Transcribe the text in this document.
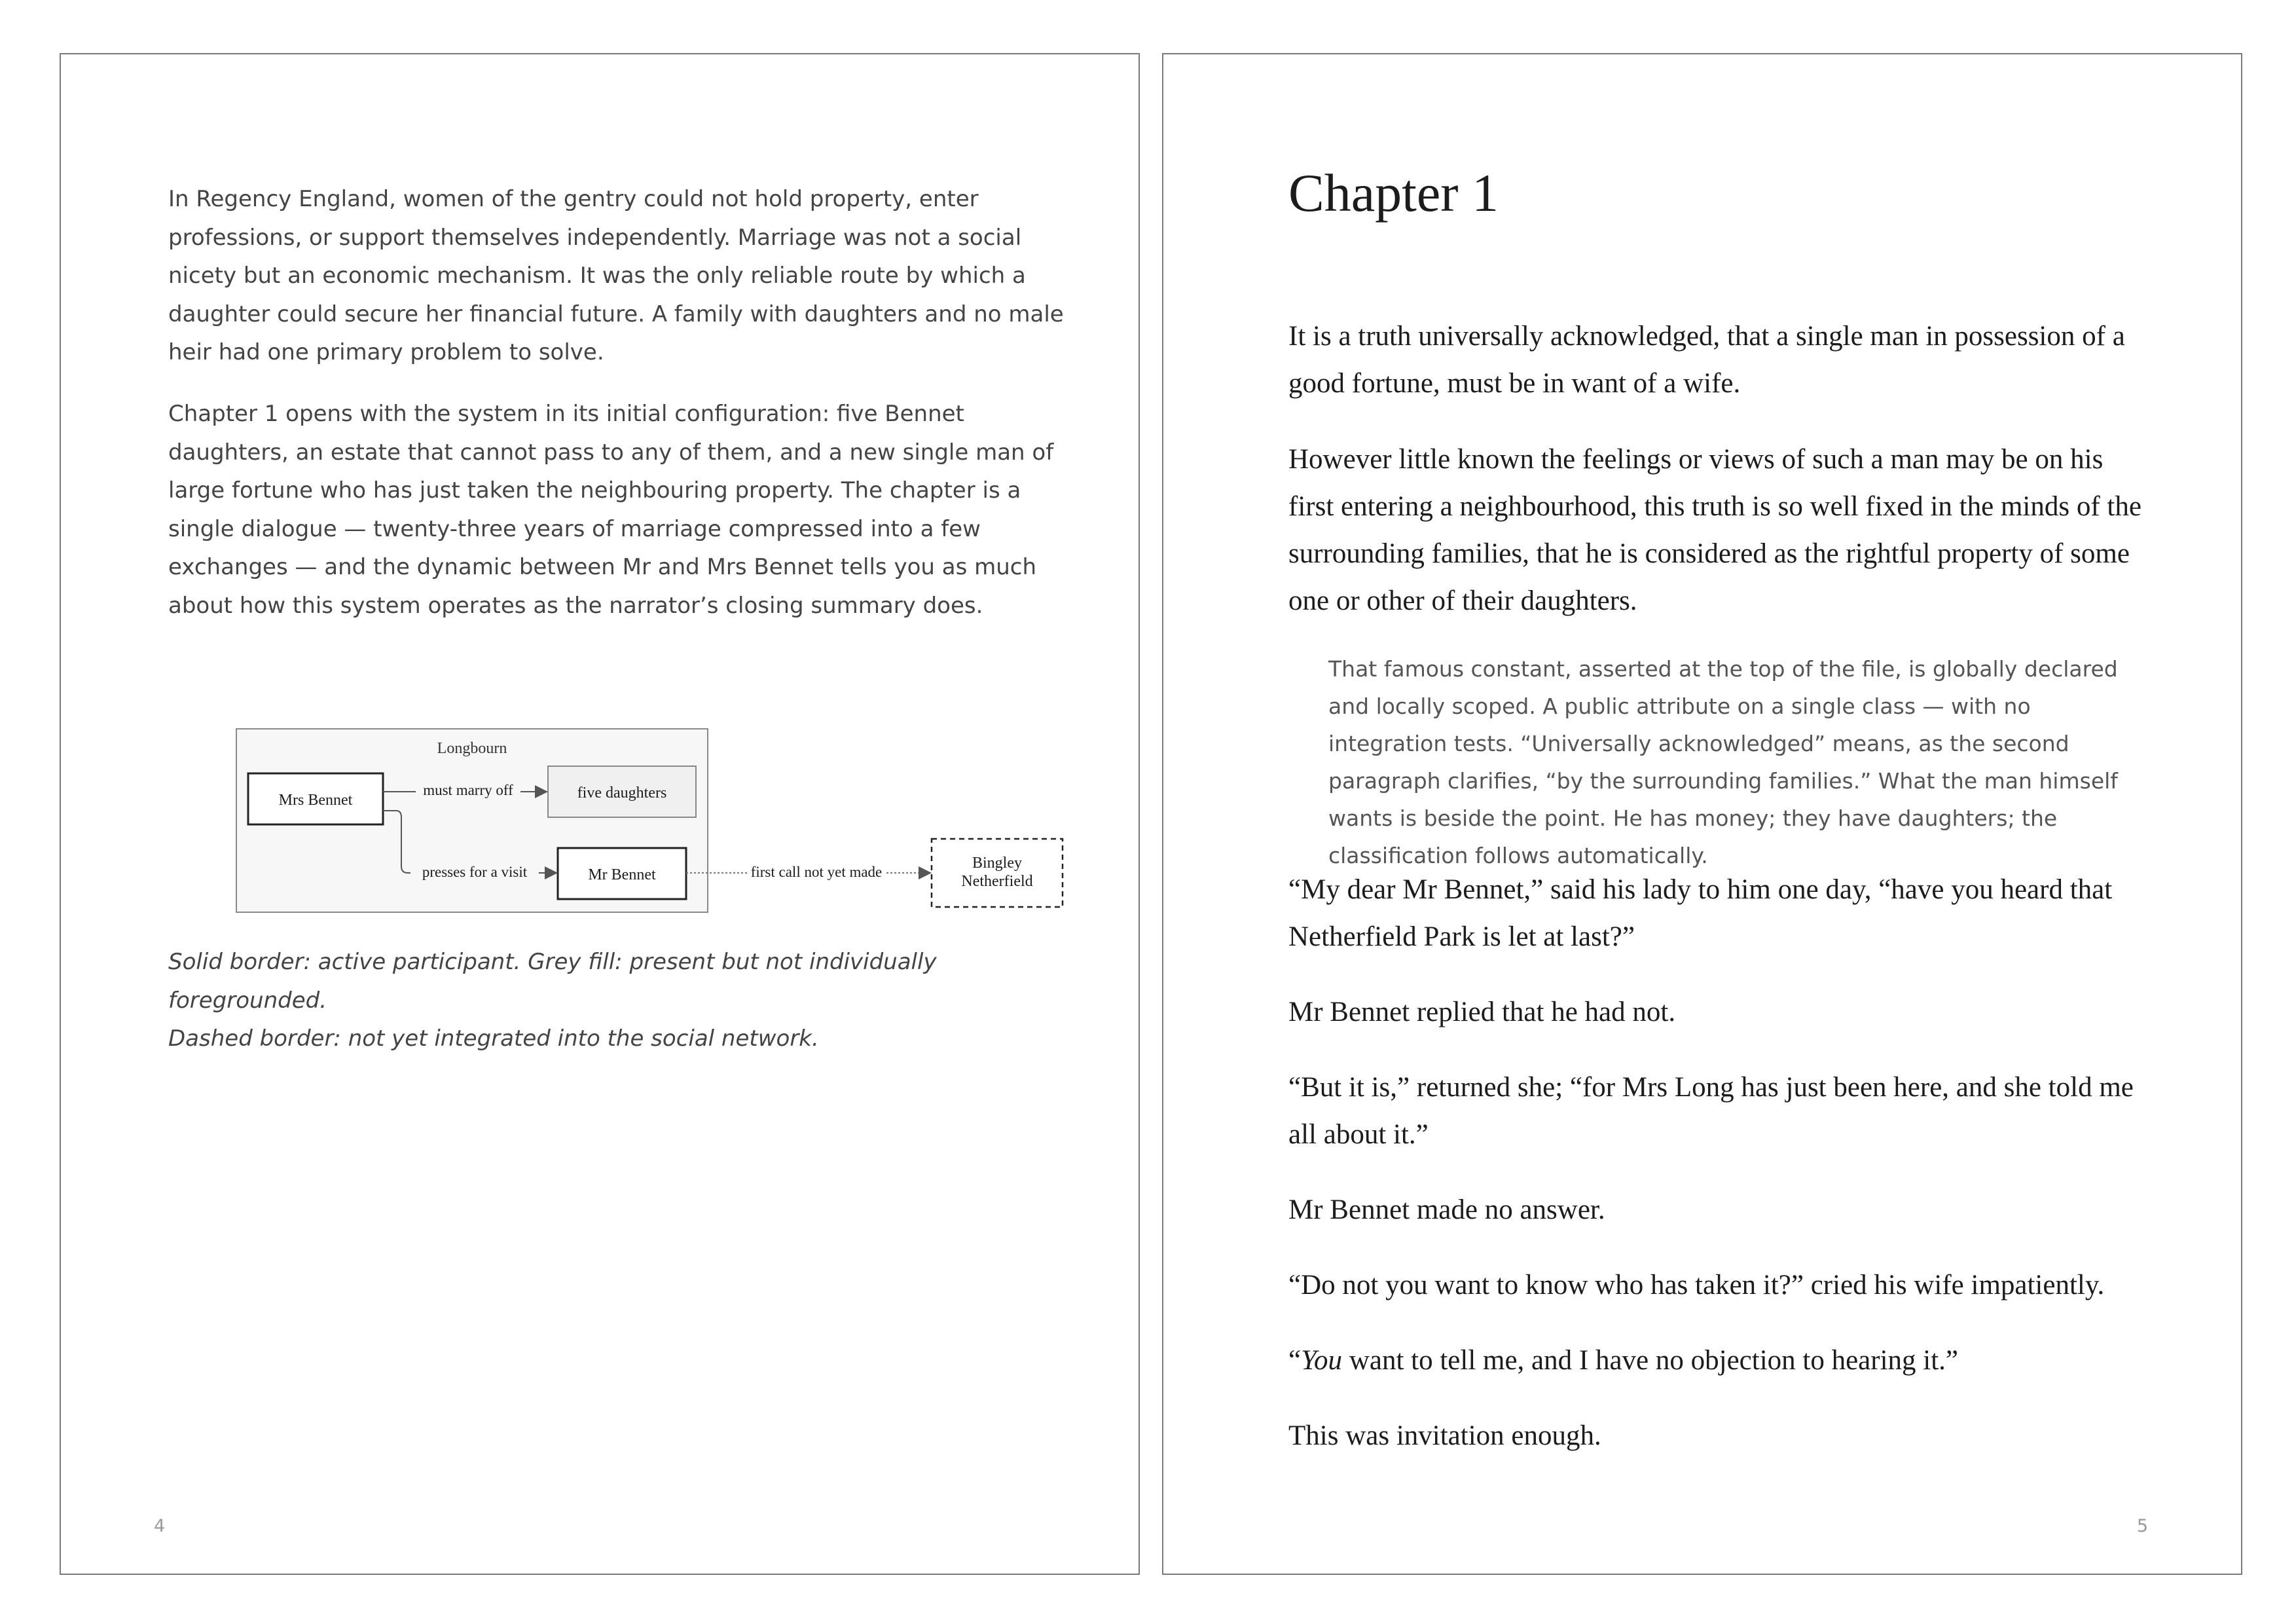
In Regency England, women of the gentry could not hold property, enter professions, or support themselves independently. Marriage was not a social nicety but an economic mechanism. It was the only reliable route by which a daughter could secure her financial future. A family with daughters and no male heir had one primary problem to solve.

Chapter 1 opens with the system in its initial configuration: five Bennet daughters, an estate that cannot pass to any of them, and a new single man of large fortune who has just taken the neighbouring property. The chapter is a single dialogue — twenty-three years of marriage compressed into a few exchanges — and the dynamic between Mr and Mrs Bennet tells you as much about how this system operates as the narrator’s closing summary does.

Longbourn
Mrs Bennet	five daughters
Mr Bennet
Bingley
Netherfield
must marry off
presses for a visit	first call not yet made
Solid border: active participant. Grey fill: present but not individually foregrounded.
Dashed border: not yet integrated into the social network.
4
Chapter 1

It is a truth universally acknowledged, that a single man in possession of a good fortune, must be in want of a wife.

However little known the feelings or views of such a man may be on his first entering a neighbourhood, this truth is so well fixed in the minds of the surrounding families, that he is considered as the rightful property of some one or other of their daughters.

That famous constant, asserted at the top of the file, is globally declared and locally scoped. A public attribute on a single class — with no integration tests. “Universally acknowledged” means, as the second paragraph clarifies, “by the surrounding families.” What the man himself wants is beside the point. He has money; they have daughters; the classification follows automatically.

“My dear Mr Bennet,” said his lady to him one day, “have you heard that Netherfield Park is let at last?”

Mr Bennet replied that he had not.

“But it is,” returned she; “for Mrs Long has just been here, and she told me all about it.”

Mr Bennet made no answer.

“Do not you want to know who has taken it?” cried his wife impatiently.

“You want to tell me, and I have no objection to hearing it.”

This was invitation enough.

5
